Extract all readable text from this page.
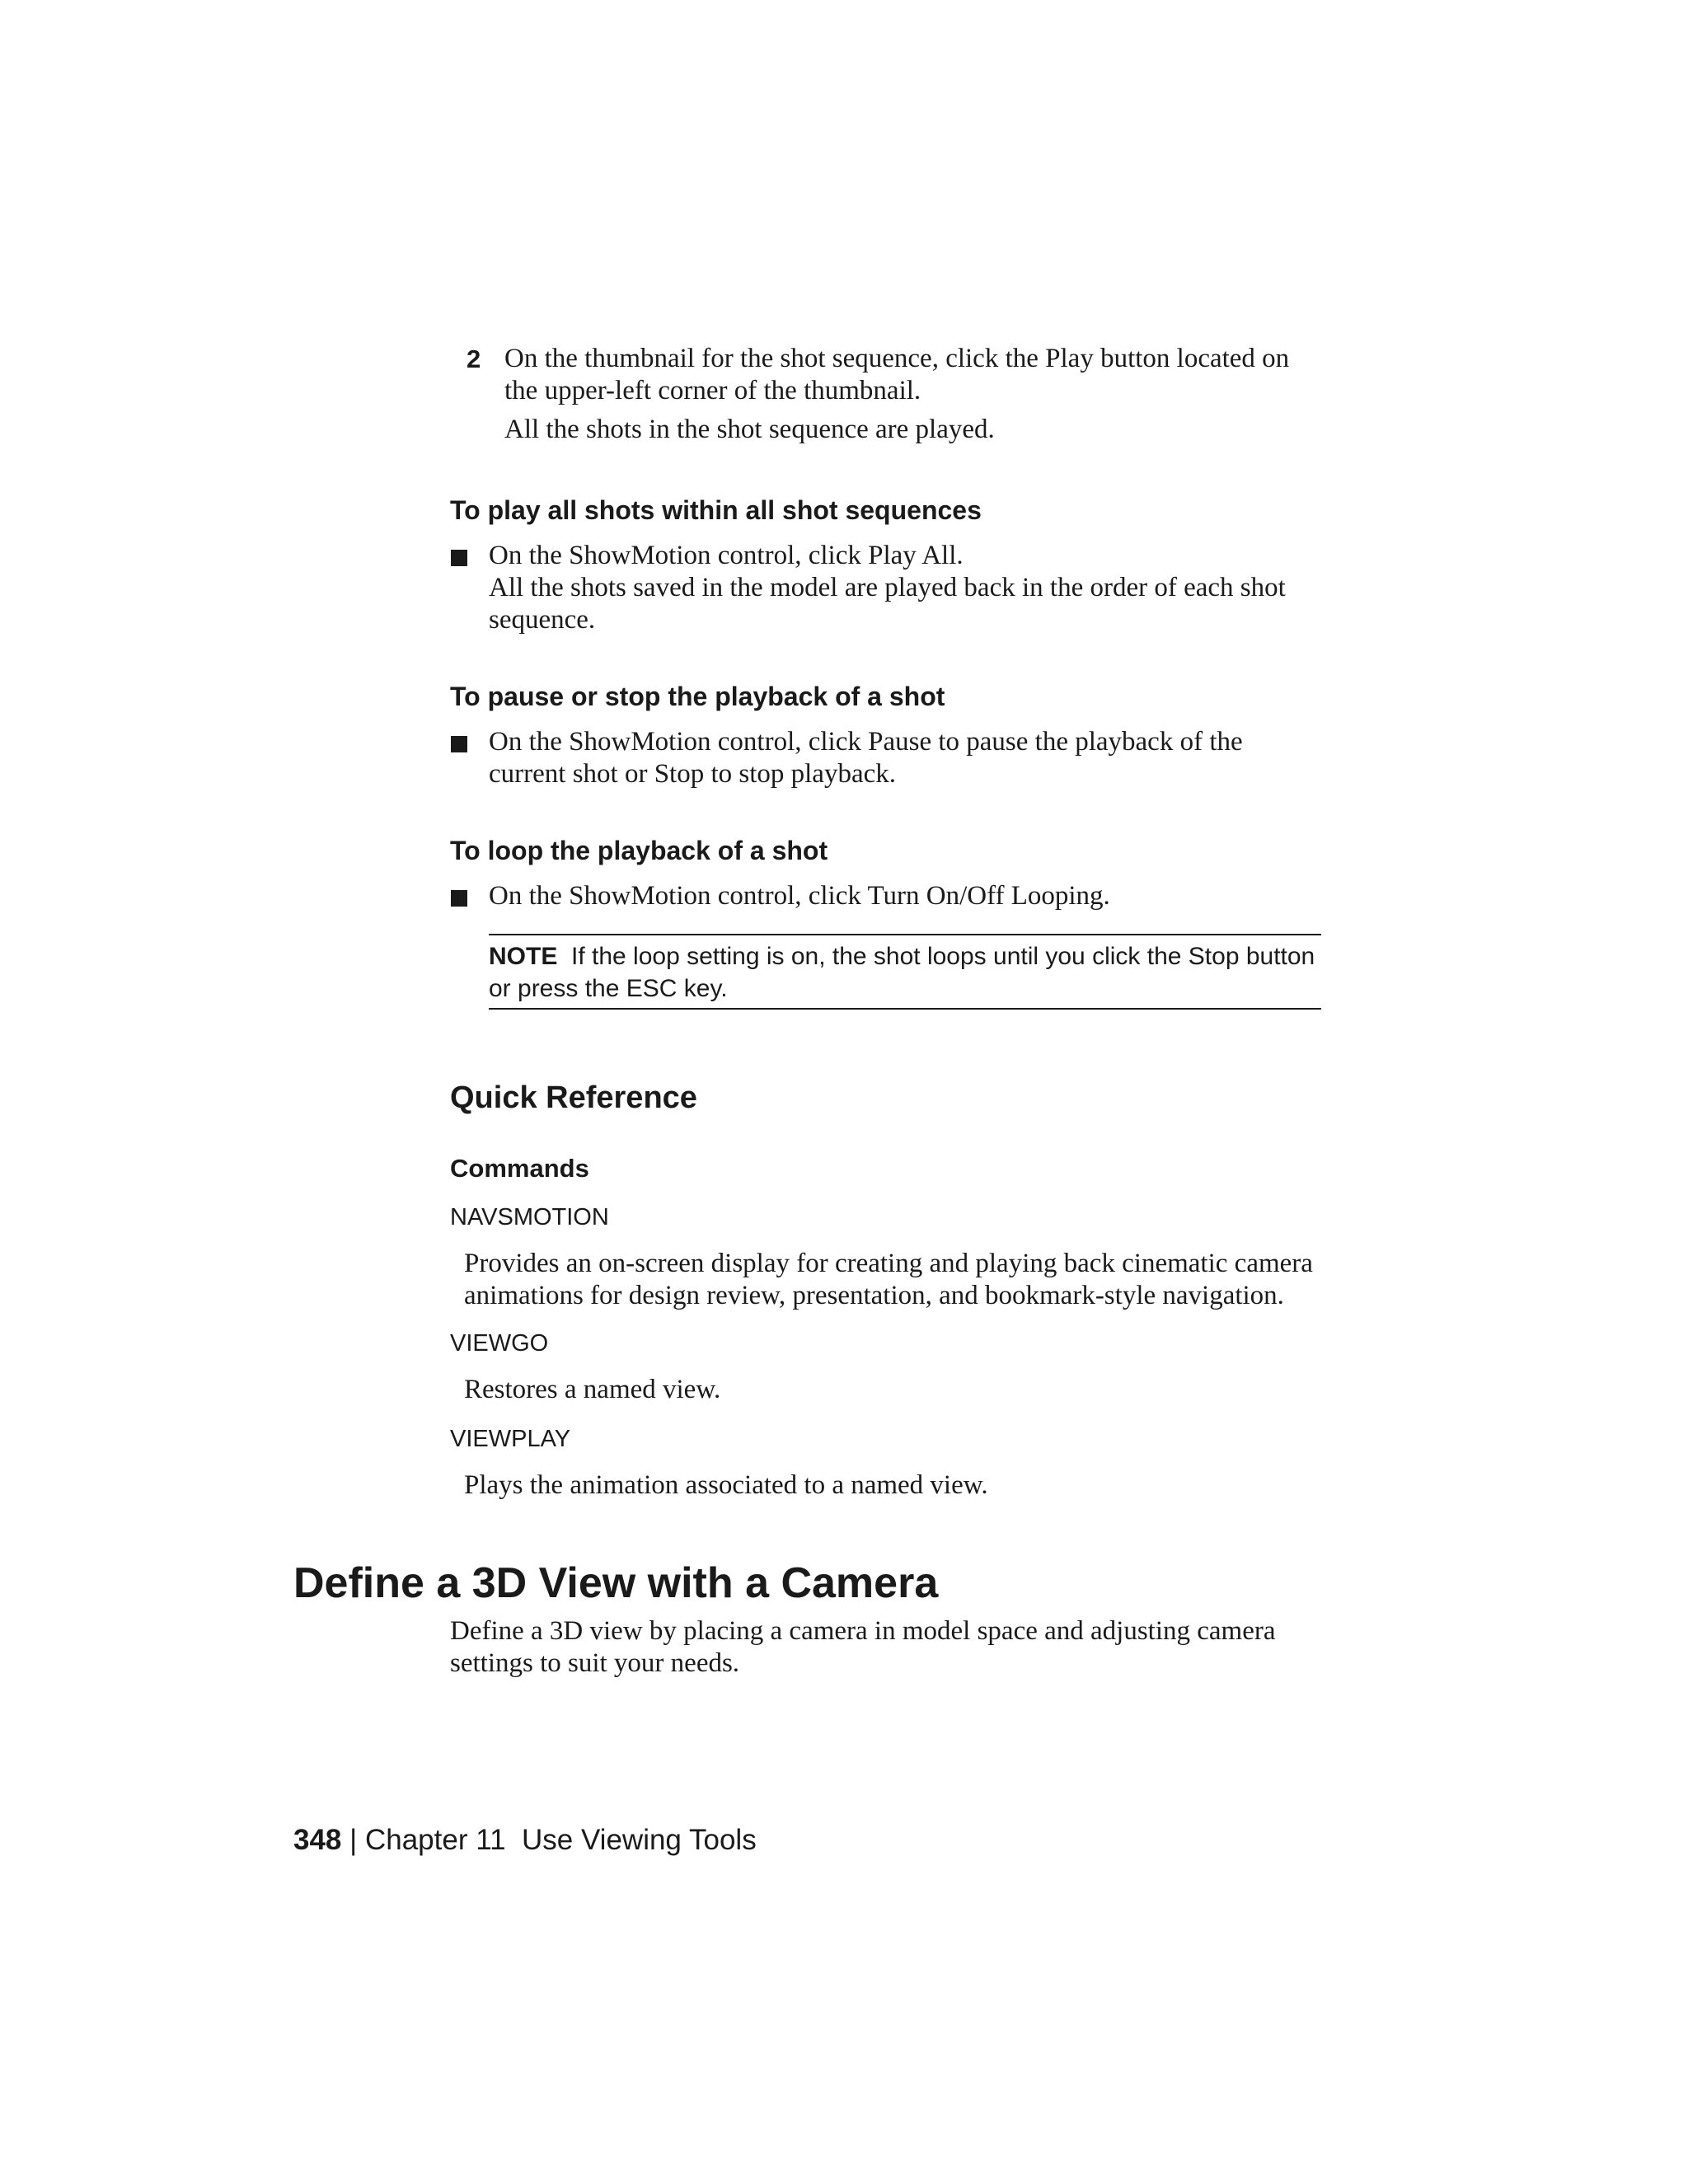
2 On the thumbnail for the shot sequence, click the Play button located on the upper-left corner of the thumbnail.
All the shots in the shot sequence are played.
To play all shots within all shot sequences
On the ShowMotion control, click Play All.
All the shots saved in the model are played back in the order of each shot sequence.
To pause or stop the playback of a shot
On the ShowMotion control, click Pause to pause the playback of the current shot or Stop to stop playback.
To loop the playback of a shot
On the ShowMotion control, click Turn On/Off Looping.
NOTE If the loop setting is on, the shot loops until you click the Stop button or press the ESC key.
Quick Reference
Commands
NAVSMOTION
Provides an on-screen display for creating and playing back cinematic camera animations for design review, presentation, and bookmark-style navigation.
VIEWGO
Restores a named view.
VIEWPLAY
Plays the animation associated to a named view.
Define a 3D View with a Camera
Define a 3D view by placing a camera in model space and adjusting camera settings to suit your needs.
348 | Chapter 11 Use Viewing Tools
